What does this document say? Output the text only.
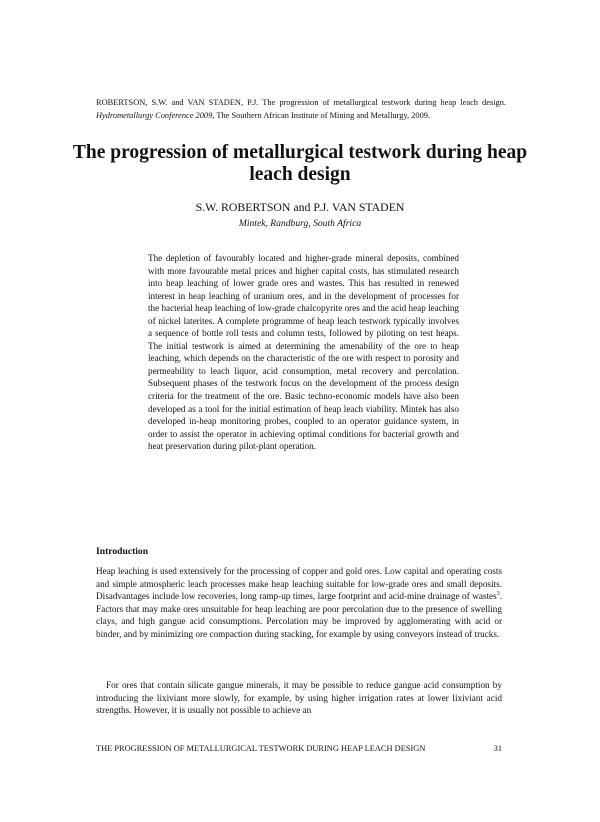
ROBERTSON, S.W. and VAN STADEN, P.J. The progression of metallurgical testwork during heap leach design. Hydrometallurgy Conference 2009, The Southern African Institute of Mining and Metallurgy, 2009.
The progression of metallurgical testwork during heap leach design
S.W. ROBERTSON and P.J. VAN STADEN
Mintek, Randburg, South Africa

The depletion of favourably located and higher-grade mineral deposits, combined with more favourable metal prices and higher capital costs, has stimulated research into heap leaching of lower grade ores and wastes. This has resulted in renewed interest in heap leaching of uranium ores, and in the development of processes for the bacterial heap leaching of low-grade chalcopyrite ores and the acid heap leaching of nickel laterites. A complete programme of heap leach testwork typically involves a sequence of bottle roll tests and column tests, followed by piloting on test heaps. The initial testwork is aimed at determining the amenability of the ore to heap leaching, which depends on the characteristic of the ore with respect to porosity and permeability to leach liquor, acid consumption, metal recovery and percolation. Subsequent phases of the testwork focus on the development of the process design criteria for the treatment of the ore. Basic techno-economic models have also been developed as a tool for the initial estimation of heap leach viability. Mintek has also developed in-heap monitoring probes, coupled to an operator guidance system, in order to assist the operator in achieving optimal conditions for bacterial growth and heat preservation during pilot-plant operation.

Introduction

Heap leaching is used extensively for the processing of copper and gold ores. Low capital and operating costs and simple atmospheric leach processes make heap leaching suitable for low-grade ores and small deposits. Disadvantages include low recoveries, long ramp-up times, large footprint and acid-mine drainage of wastes$^3$. Factors that may make ores unsuitable for heap leaching are poor percolation due to the presence of swelling clays, and high gangue acid consumptions. Percolation may be improved by agglomerating with acid or binder, and by minimizing ore compaction during stacking, for example by using conveyors instead of trucks.

For ores that contain silicate gangue minerals, it may be possible to reduce gangue acid consumption by introducing the lixiviant more slowly, for example, by using higher irrigation rates at lower lixiviant acid strengths. However, it is usually not possible to achieve an

THE PROGRESSION OF METALLURGICAL TESTWORK DURING HEAP LEACH DESIGN	31
